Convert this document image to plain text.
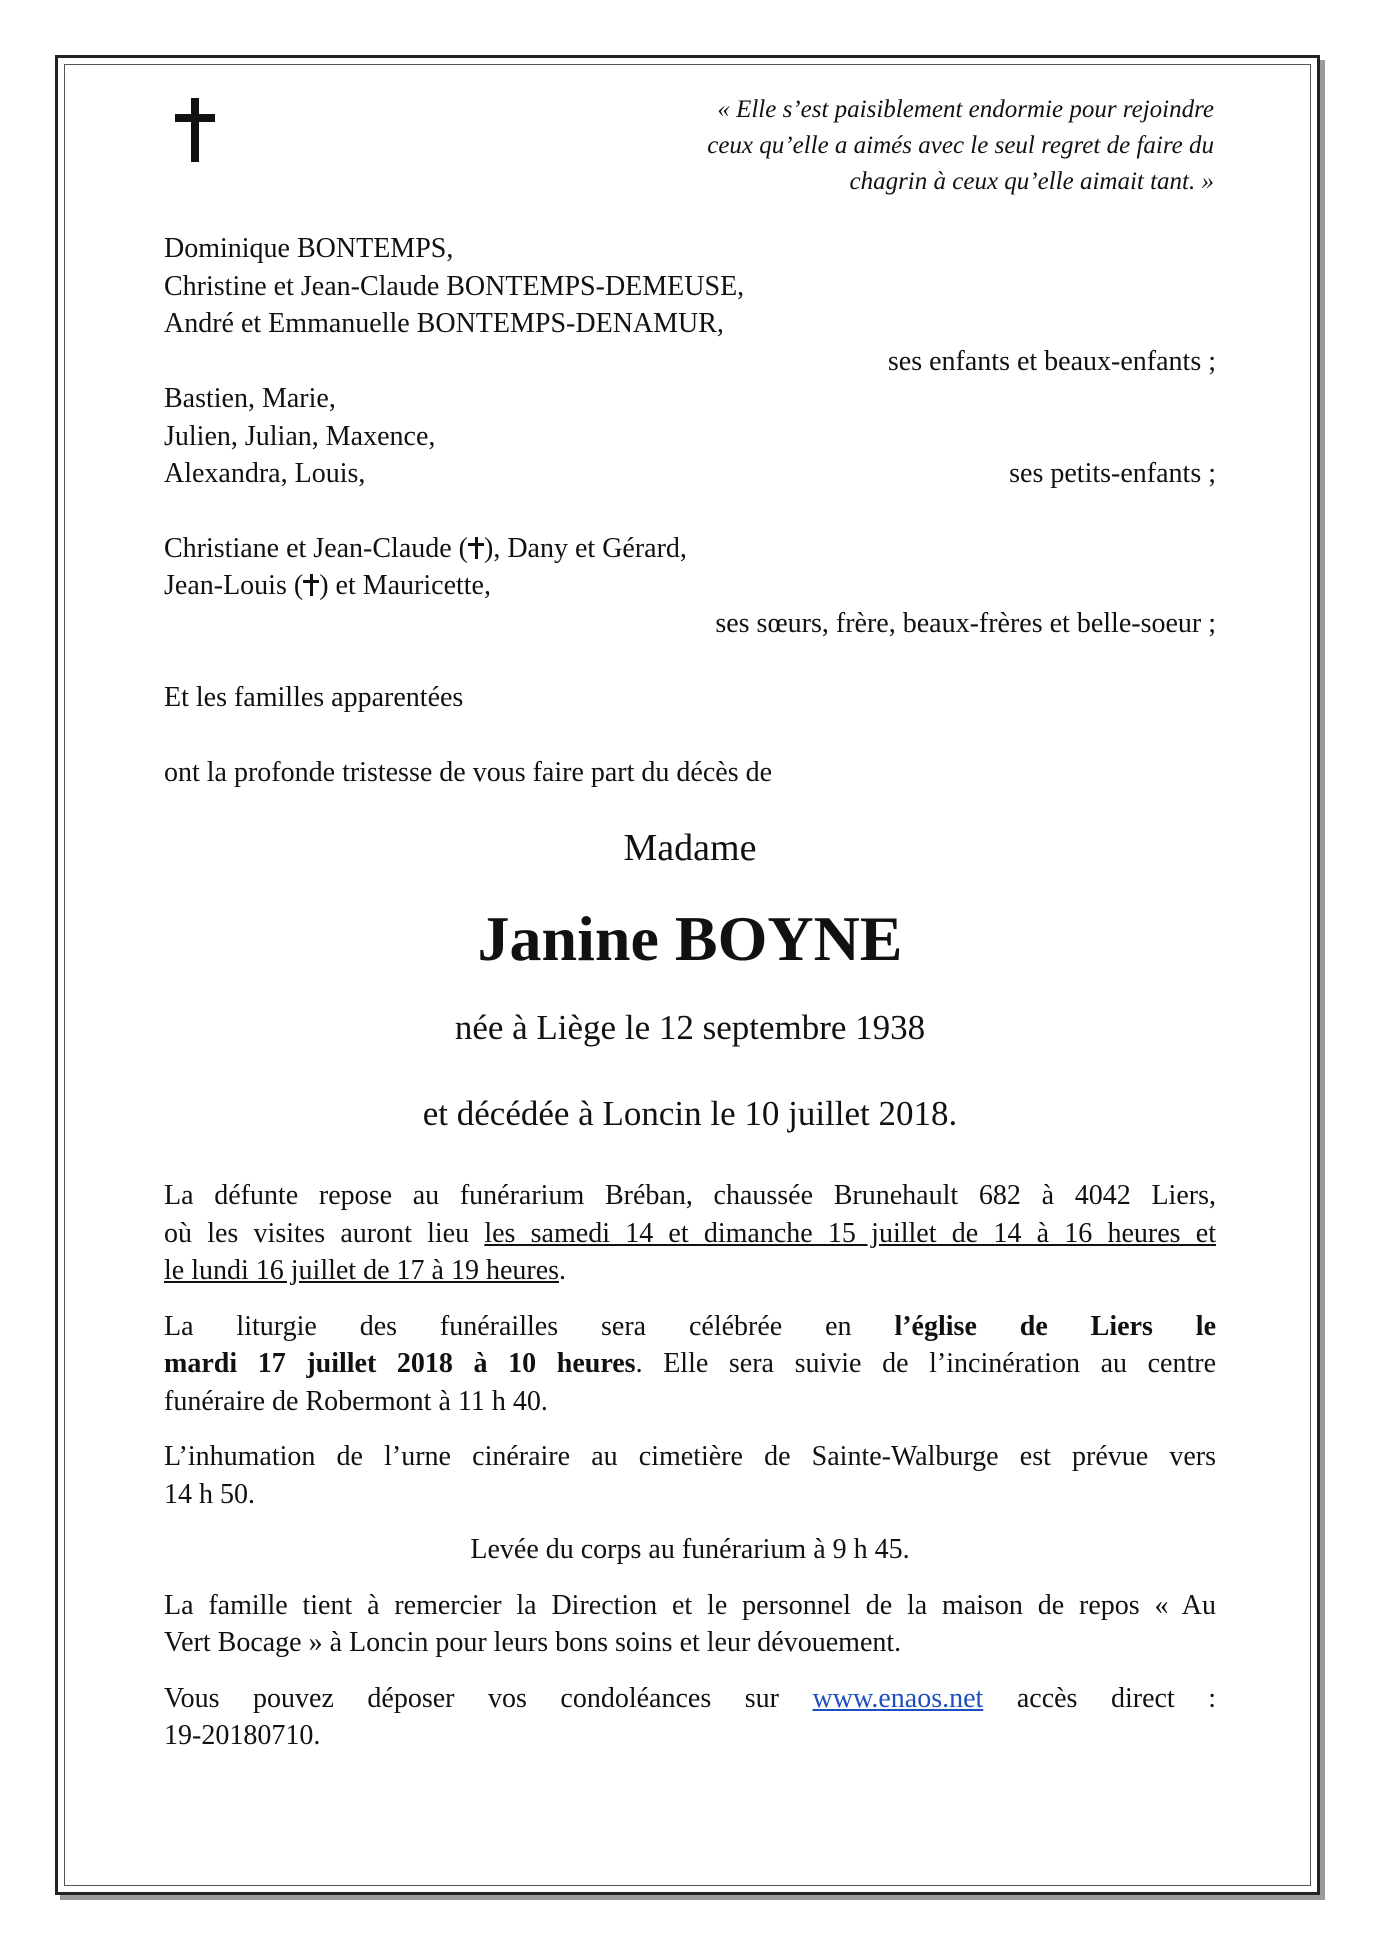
« Elle s’est paisiblement endormie pour rejoindre
ceux qu’elle a aimés avec le seul regret de faire du
chagrin à ceux qu’elle aimait tant. »
Dominique BONTEMPS,
Christine et Jean-Claude BONTEMPS-DEMEUSE,
André et Emmanuelle BONTEMPS-DENAMUR,
ses enfants et beaux-enfants ;
Bastien, Marie,
Julien, Julian, Maxence,
Alexandra, Louis,	ses petits-enfants ;
Christiane et Jean-Claude ( ), Dany et Gérard,
Jean-Louis ( ) et Mauricette,
ses sœurs, frère, beaux-frères et belle-soeur ;
Et les familles apparentées
ont la profonde tristesse de vous faire part du décès de
Madame
Janine BOYNE
née à Liège le 12 septembre 1938
et décédée à Loncin le 10 juillet 2018.
La défunte repose au funérarium Bréban, chaussée Brunehault 682 à 4042 Liers,
où les visites auront lieu les samedi 14 et dimanche 15 juillet de 14 à 16 heures et
le lundi 16 juillet de 17 à 19 heures.
La liturgie des funérailles sera célébrée en l’église de Liers le
mardi 17 juillet 2018 à 10 heures. Elle sera suivie de l’incinération au centre
funéraire de Robermont à 11 h 40.
L’inhumation de l’urne cinéraire au cimetière de Sainte-Walburge est prévue vers
14 h 50.
Levée du corps au funérarium à 9 h 45.
La famille tient à remercier la Direction et le personnel de la maison de repos « Au
Vert Bocage » à Loncin pour leurs bons soins et leur dévouement.
Vous pouvez déposer vos condoléances sur www.enaos.net accès direct :
19-20180710.
